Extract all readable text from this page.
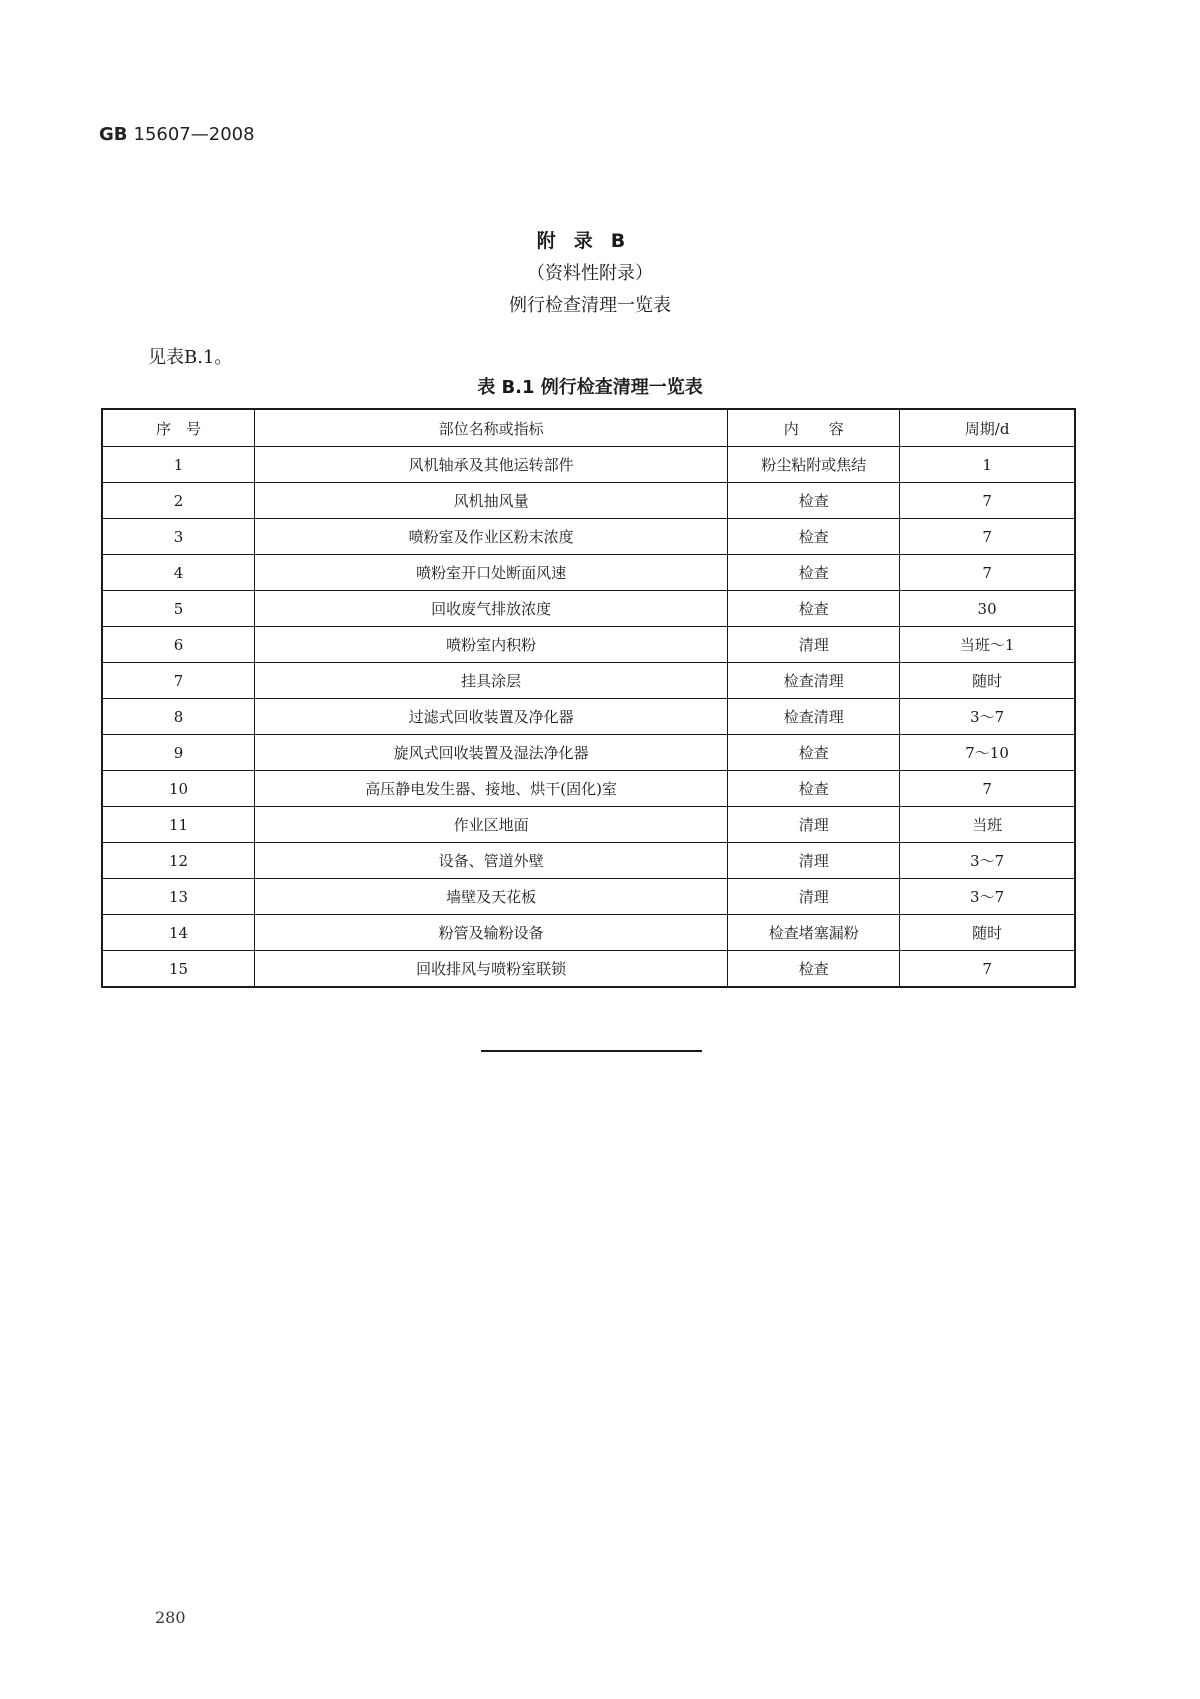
GB 15607—2008
附录B
（资料性附录）
例行检查清理一览表
见表B.1。
表 B.1 例行检查清理一览表
序　号	部位名称或指标	内　　容	周期/d
1	风机轴承及其他运转部件	粉尘粘附或焦结	1
2	风机抽风量	检查	7
3	喷粉室及作业区粉末浓度	检查	7
4	喷粉室开口处断面风速	检查	7
5	回收废气排放浓度	检查	30
6	喷粉室内积粉	清理	当班～1
7	挂具涂层	检查清理	随时
8	过滤式回收装置及净化器	检查清理	3～7
9	旋风式回收装置及湿法净化器	检查	7～10
10	高压静电发生器、接地、烘干(固化)室	检查	7
11	作业区地面	清理	当班
12	设备、管道外壁	清理	3～7
13	墙壁及天花板	清理	3～7
14	粉管及输粉设备	检查堵塞漏粉	随时
15	回收排风与喷粉室联锁	检查	7
280
